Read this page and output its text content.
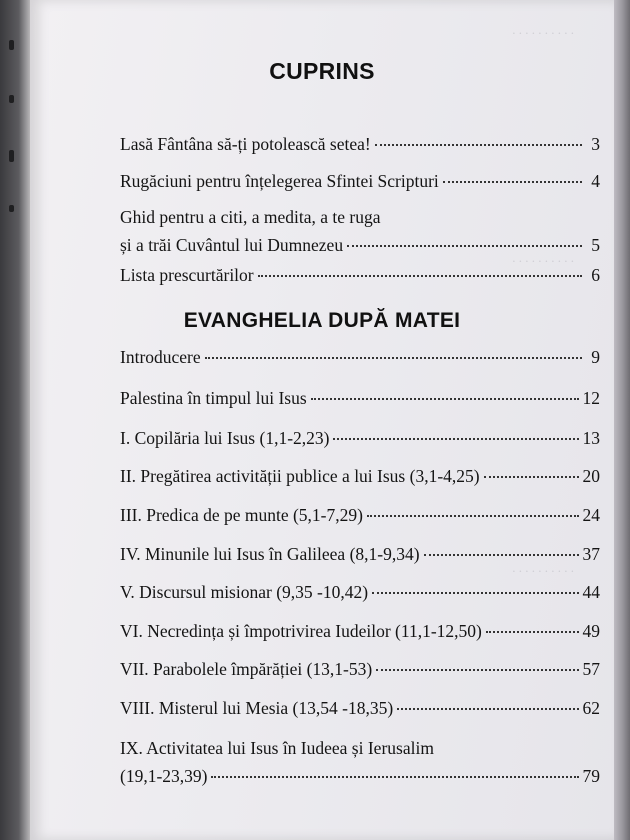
. . . . . . . . . .
. . . . . . . . . .
. . . . . . . . . .
CUPRINS
Lasă Fântâna să-ți potolească setea!	3
Rugăciuni pentru înțelegerea Sfintei Scripturi	4
Ghid pentru a citi, a medita, a te ruga
și a trăi Cuvântul lui Dumnezeu	5
Lista prescurtărilor	6
EVANGHELIA DUPĂ MATEI
Introducere	9
Palestina în timpul lui Isus	12
I. Copilăria lui Isus (1,1-2,23)	13
II. Pregătirea activității publice a lui Isus (3,1-4,25)	20
III. Predica de pe munte (5,1-7,29)	24
IV. Minunile lui Isus în Galileea (8,1-9,34)	37
V. Discursul misionar (9,35 -10,42)	44
VI. Necredința și împotrivirea Iudeilor (11,1-12,50)	49
VII. Parabolele împărăției (13,1-53)	57
VIII. Misterul lui Mesia (13,54 -18,35)	62
IX. Activitatea lui Isus în Iudeea și Ierusalim
(19,1-23,39)	79
